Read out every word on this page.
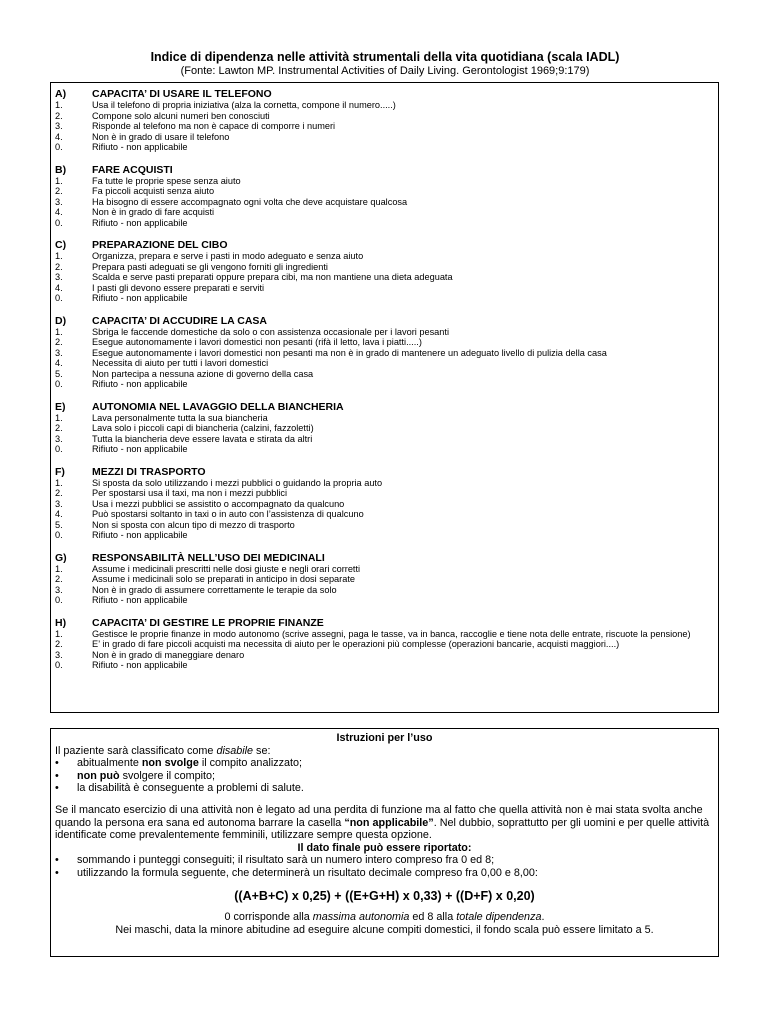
Indice di dipendenza nelle attività strumentali della vita quotidiana (scala IADL)
(Fonte: Lawton MP. Instrumental Activities of Daily Living. Gerontologist 1969;9:179)
A)	CAPACITA’ DI USARE IL TELEFONO
1.	Usa il telefono di propria iniziativa (alza la cornetta, compone il numero.....)
2.	Compone solo alcuni numeri ben conosciuti
3.	Risponde al telefono ma non è capace di comporre i numeri
4.	Non è in grado di usare il telefono
0.	Rifiuto - non applicabile
B)	FARE ACQUISTI
1.	Fa tutte le proprie spese senza aiuto
2.	Fa piccoli acquisti senza aiuto
3.	Ha bisogno di essere accompagnato ogni volta che deve acquistare qualcosa
4.	Non è in grado di fare acquisti
0.	Rifiuto - non applicabile
C)	PREPARAZIONE DEL CIBO
1.	Organizza, prepara e serve i pasti in modo adeguato e senza aiuto
2.	Prepara pasti adeguati se gli vengono forniti gli ingredienti
3.	Scalda e serve pasti preparati oppure prepara cibi, ma non mantiene una dieta adeguata
4.	I pasti gli devono essere preparati e serviti
0.	Rifiuto - non applicabile
D)	CAPACITA’ DI ACCUDIRE LA CASA
1.	Sbriga le faccende domestiche da solo o con assistenza occasionale per i lavori pesanti
2.	Esegue autonomamente i lavori domestici non pesanti (rifà il letto, lava i piatti.....)
3.	Esegue autonomamente i lavori domestici non pesanti ma non è in grado di mantenere un adeguato livello di pulizia della casa
4.	Necessita di aiuto per tutti i lavori domestici
5.	Non partecipa a nessuna azione di governo della casa
0.	Rifiuto - non applicabile
E)	AUTONOMIA NEL LAVAGGIO DELLA BIANCHERIA
1.	Lava personalmente tutta la sua biancheria
2.	Lava solo i piccoli capi di biancheria (calzini, fazzoletti)
3.	Tutta la biancheria deve essere lavata e stirata da altri
0.	Rifiuto - non applicabile
F)	MEZZI DI TRASPORTO
1.	Si sposta da solo utilizzando i mezzi pubblici o guidando la propria auto
2.	Per spostarsi usa il taxi, ma non i mezzi pubblici
3.	Usa i mezzi pubblici se assistito o accompagnato da qualcuno
4.	Può spostarsi soltanto in taxi o in auto con l’assistenza di qualcuno
5.	Non si sposta con alcun tipo di mezzo di trasporto
0.	Rifiuto - non applicabile
G)	RESPONSABILITÀ NELL’USO DEI MEDICINALI
1.	Assume i medicinali prescritti nelle dosi giuste e negli orari corretti
2.	Assume i medicinali solo se preparati in anticipo in dosi separate
3.	Non è in grado di assumere correttamente le terapie da solo
0.	Rifiuto - non applicabile
H)	CAPACITA’ DI GESTIRE LE PROPRIE FINANZE
1.	Gestisce le proprie finanze in modo autonomo (scrive assegni, paga le tasse, va in banca, raccoglie e tiene nota delle entrate, riscuote la pensione)
2.	E’ in grado di fare piccoli acquisti ma necessita di aiuto per le operazioni più complesse (operazioni bancarie, acquisti maggiori....)
3.	Non è in grado di maneggiare denaro
0.	Rifiuto - non applicabile
Istruzioni per l’uso
Il paziente sarà classificato come disabile se:
•	abitualmente non svolge il compito analizzato;
•	non può svolgere il compito;
•	la disabilità è conseguente a problemi di salute.
Se il mancato esercizio di una attività non è legato ad una perdita di funzione ma al fatto che quella attività non è mai stata svolta anche quando la persona era sana ed autonoma barrare la casella “non applicabile”. Nel dubbio, soprattutto per gli uomini e per quelle attività identificate come prevalentemente femminili, utilizzare sempre questa opzione.
Il dato finale può essere riportato:
•	sommando i punteggi conseguiti; il risultato sarà un numero intero compreso fra 0 ed 8;
•	utilizzando la formula seguente, che determinerà un risultato decimale compreso fra 0,00 e 8,00:
((A+B+C) x 0,25) + ((E+G+H) x 0,33) + ((D+F) x 0,20)
0 corrisponde alla massima autonomia ed 8 alla totale dipendenza.
Nei maschi, data la minore abitudine ad eseguire alcune compiti domestici, il fondo scala può essere limitato a 5.
